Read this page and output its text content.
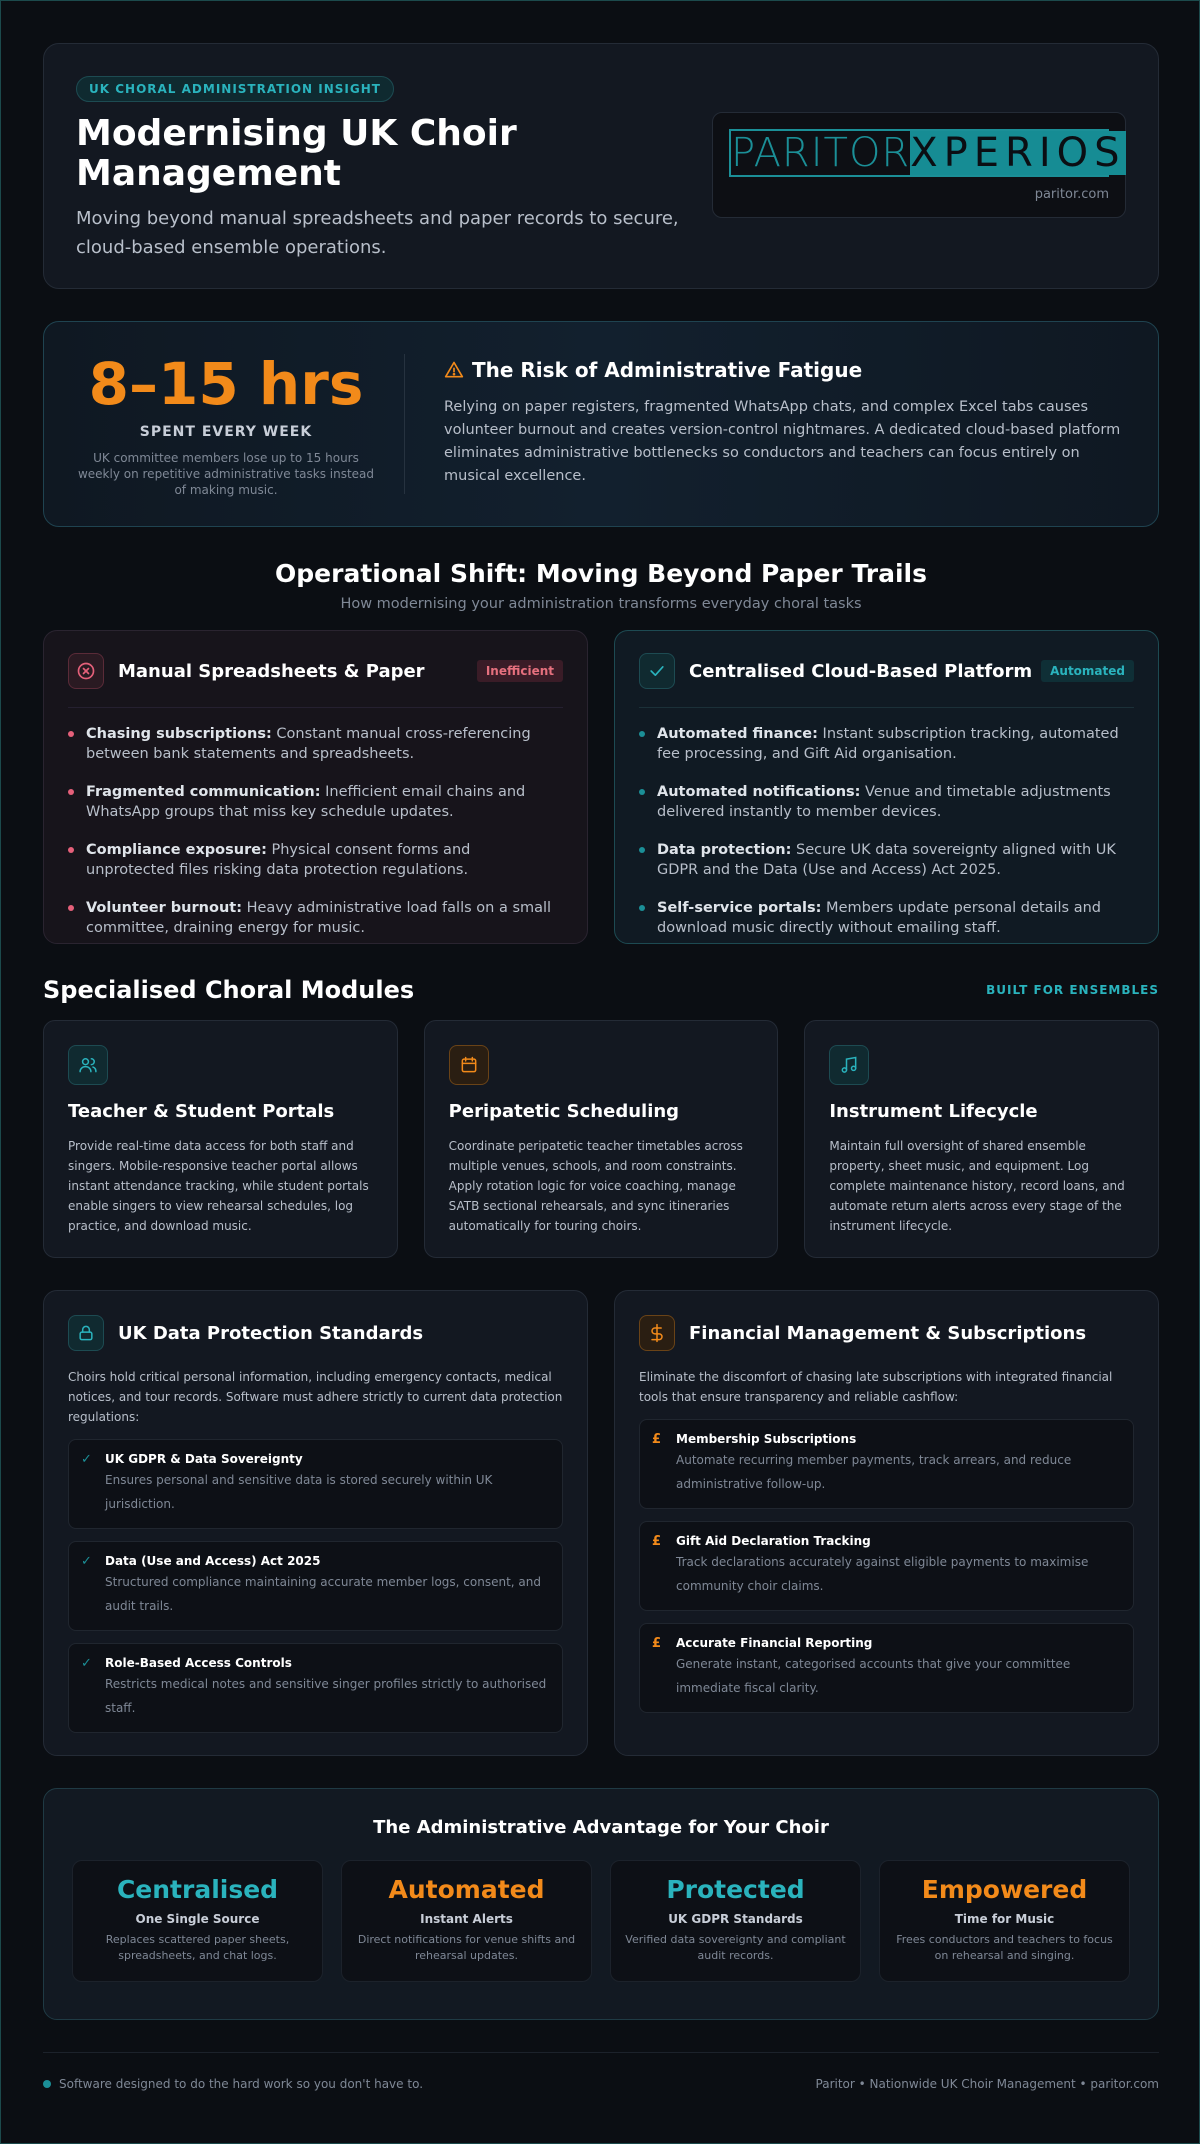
UK CHORAL ADMINISTRATION INSIGHT
Modernising UK Choir Management

Moving beyond manual spreadsheets and paper records to secure, cloud-based ensemble operations.

PARITOR XPERIOS
paritor.com
8–15 hrs
SPENT EVERY WEEK
UK committee members lose up to 15 hours weekly on repetitive administrative tasks instead of making music.
The Risk of Administrative Fatigue

Relying on paper registers, fragmented WhatsApp chats, and complex Excel tabs causes volunteer burnout and creates version-control nightmares. A dedicated cloud-based platform eliminates administrative bottlenecks so conductors and teachers can focus entirely on musical excellence.

Operational Shift: Moving Beyond Paper Trails

How modernising your administration transforms everyday choral tasks

Manual Spreadsheets & Paper	Inefficient
Chasing subscriptions: Constant manual cross-referencing between bank statements and spreadsheets.
Fragmented communication: Inefficient email chains and WhatsApp groups that miss key schedule updates.
Compliance exposure: Physical consent forms and unprotected files risking data protection regulations.
Volunteer burnout: Heavy administrative load falls on a small committee, draining energy for music.
Centralised Cloud-Based Platform	Automated
Automated finance: Instant subscription tracking, automated fee processing, and Gift Aid organisation.
Automated notifications: Venue and timetable adjustments delivered instantly to member devices.
Data protection: Secure UK data sovereignty aligned with UK GDPR and the Data (Use and Access) Act 2025.
Self-service portals: Members update personal details and download music directly without emailing staff.
Specialised Choral Modules	BUILT FOR ENSEMBLES
Teacher & Student Portals

Provide real-time data access for both staff and singers. Mobile-responsive teacher portal allows instant attendance tracking, while student portals enable singers to view rehearsal schedules, log practice, and download music.

Peripatetic Scheduling

Coordinate peripatetic teacher timetables across multiple venues, schools, and room constraints. Apply rotation logic for voice coaching, manage SATB sectional rehearsals, and sync itineraries automatically for touring choirs.

Instrument Lifecycle

Maintain full oversight of shared ensemble property, sheet music, and equipment. Log complete maintenance history, record loans, and automate return alerts across every stage of the instrument lifecycle.

UK Data Protection Standards

Choirs hold critical personal information, including emergency contacts, medical notices, and tour records. Software must adhere strictly to current data protection regulations:

✓ UK GDPR & Data Sovereignty

Ensures personal and sensitive data is stored securely within UK jurisdiction.

✓ Data (Use and Access) Act 2025

Structured compliance maintaining accurate member logs, consent, and audit trails.

✓ Role-Based Access Controls

Restricts medical notes and sensitive singer profiles strictly to authorised staff.

Financial Management & Subscriptions

Eliminate the discomfort of chasing late subscriptions with integrated financial tools that ensure transparency and reliable cashflow:

£ Membership Subscriptions

Automate recurring member payments, track arrears, and reduce administrative follow-up.

£ Gift Aid Declaration Tracking

Track declarations accurately against eligible payments to maximise community choir claims.

£ Accurate Financial Reporting

Generate instant, categorised accounts that give your committee immediate fiscal clarity.

The Administrative Advantage for Your Choir
Centralised
One Single Source
Replaces scattered paper sheets, spreadsheets, and chat logs.
Automated
Instant Alerts
Direct notifications for venue shifts and rehearsal updates.
Protected
UK GDPR Standards
Verified data sovereignty and compliant audit records.
Empowered
Time for Music
Frees conductors and teachers to focus on rehearsal and singing.
Software designed to do the hard work so you don't have to.	Paritor • Nationwide UK Choir Management • paritor.com
